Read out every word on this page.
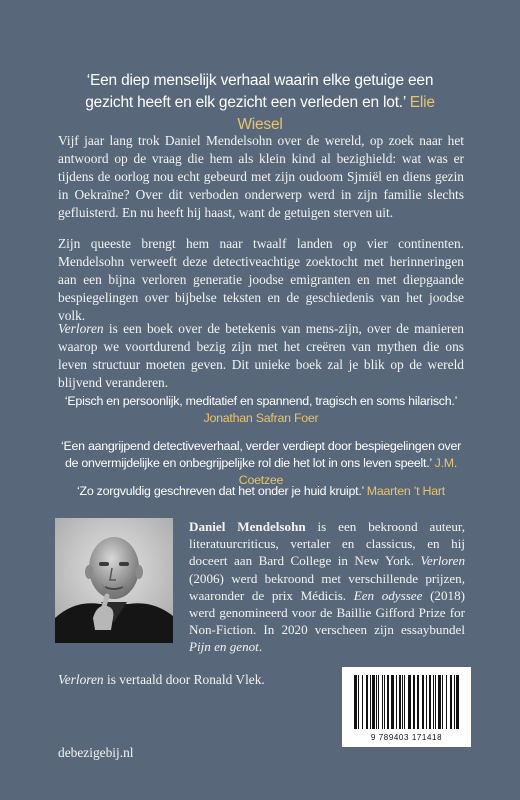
‘Een diep menselijk verhaal waarin elke getuige een gezicht heeft en elk gezicht een verleden en lot.’ Elie Wiesel
Vijf jaar lang trok Daniel Mendelsohn over de wereld, op zoek naar het antwoord op de vraag die hem als klein kind al bezighield: wat was er tijdens de oorlog nou echt gebeurd met zijn oudoom Sjmiël en diens gezin in Oekraïne? Over dit verboden onderwerp werd in zijn familie slechts gefluisterd. En nu heeft hij haast, want de getuigen sterven uit.
Zijn queeste brengt hem naar twaalf landen op vier continenten. Mendelsohn verweeft deze detectiveachtige zoektocht met herinneringen aan een bijna verloren generatie joodse emigranten en met diepgaande bespiegelingen over bijbelse teksten en de geschiedenis van het joodse volk.
Verloren is een boek over de betekenis van mens-zijn, over de manieren waarop we voortdurend bezig zijn met het creëren van mythen die ons leven structuur moeten geven. Dit unieke boek zal je blik op de wereld blijvend veranderen.
‘Episch en persoonlijk, meditatief en spannend, tragisch en soms hilarisch.’
Jonathan Safran Foer
‘Een aangrijpend detectiveverhaal, verder verdiept door bespiegelingen over de onvermijdelijke en onbegrijpelijke rol die het lot in ons leven speelt.’ J.M. Coetzee
‘Zo zorgvuldig geschreven dat het onder je huid kruipt.’ Maarten ’t Hart
Daniel Mendelsohn is een bekroond auteur, literatuurcriticus, vertaler en classicus, en hij doceert aan Bard College in New York. Verloren (2006) werd bekroond met verschillende prijzen, waaronder de prix Médicis. Een odyssee (2018) werd genomineerd voor de Baillie Gifford Prize for Non-Fiction. In 2020 verscheen zijn essaybundel Pijn en genot.
Verloren is vertaald door Ronald Vlek.
debezigebij.nl
9 789403 171418
